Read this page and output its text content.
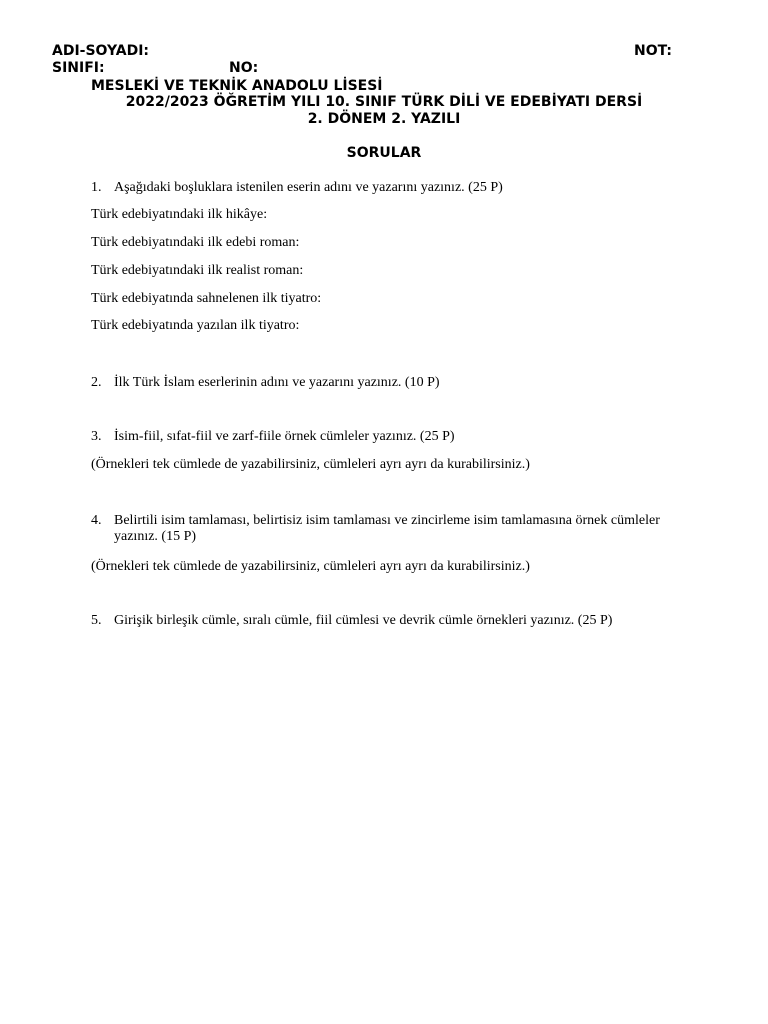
ADI-SOYADI:	NOT:
SINIFI:	NO:
MESLEKİ VE TEKNİK ANADOLU LİSESİ
2022/2023 ÖĞRETİM YILI 10. SINIF TÜRK DİLİ VE EDEBİYATI DERSİ
2. DÖNEM 2. YAZILI
SORULAR
1. Aşağıdaki boşluklara istenilen eserin adını ve yazarını yazınız. (25 P)
Türk edebiyatındaki ilk hikâye:
Türk edebiyatındaki ilk edebi roman:
Türk edebiyatındaki ilk realist roman:
Türk edebiyatında sahnelenen ilk tiyatro:
Türk edebiyatında yazılan ilk tiyatro:
2. İlk Türk İslam eserlerinin adını ve yazarını yazınız. (10 P)
3. İsim-fiil, sıfat-fiil ve zarf-fiile örnek cümleler yazınız. (25 P)
(Örnekleri tek cümlede de yazabilirsiniz, cümleleri ayrı ayrı da kurabilirsiniz.)
4. Belirtili isim tamlaması, belirtisiz isim tamlaması ve zincirleme isim tamlamasına örnek cümleler yazınız. (15 P)
(Örnekleri tek cümlede de yazabilirsiniz, cümleleri ayrı ayrı da kurabilirsiniz.)
5. Girişik birleşik cümle, sıralı cümle, fiil cümlesi ve devrik cümle örnekleri yazınız. (25 P)
